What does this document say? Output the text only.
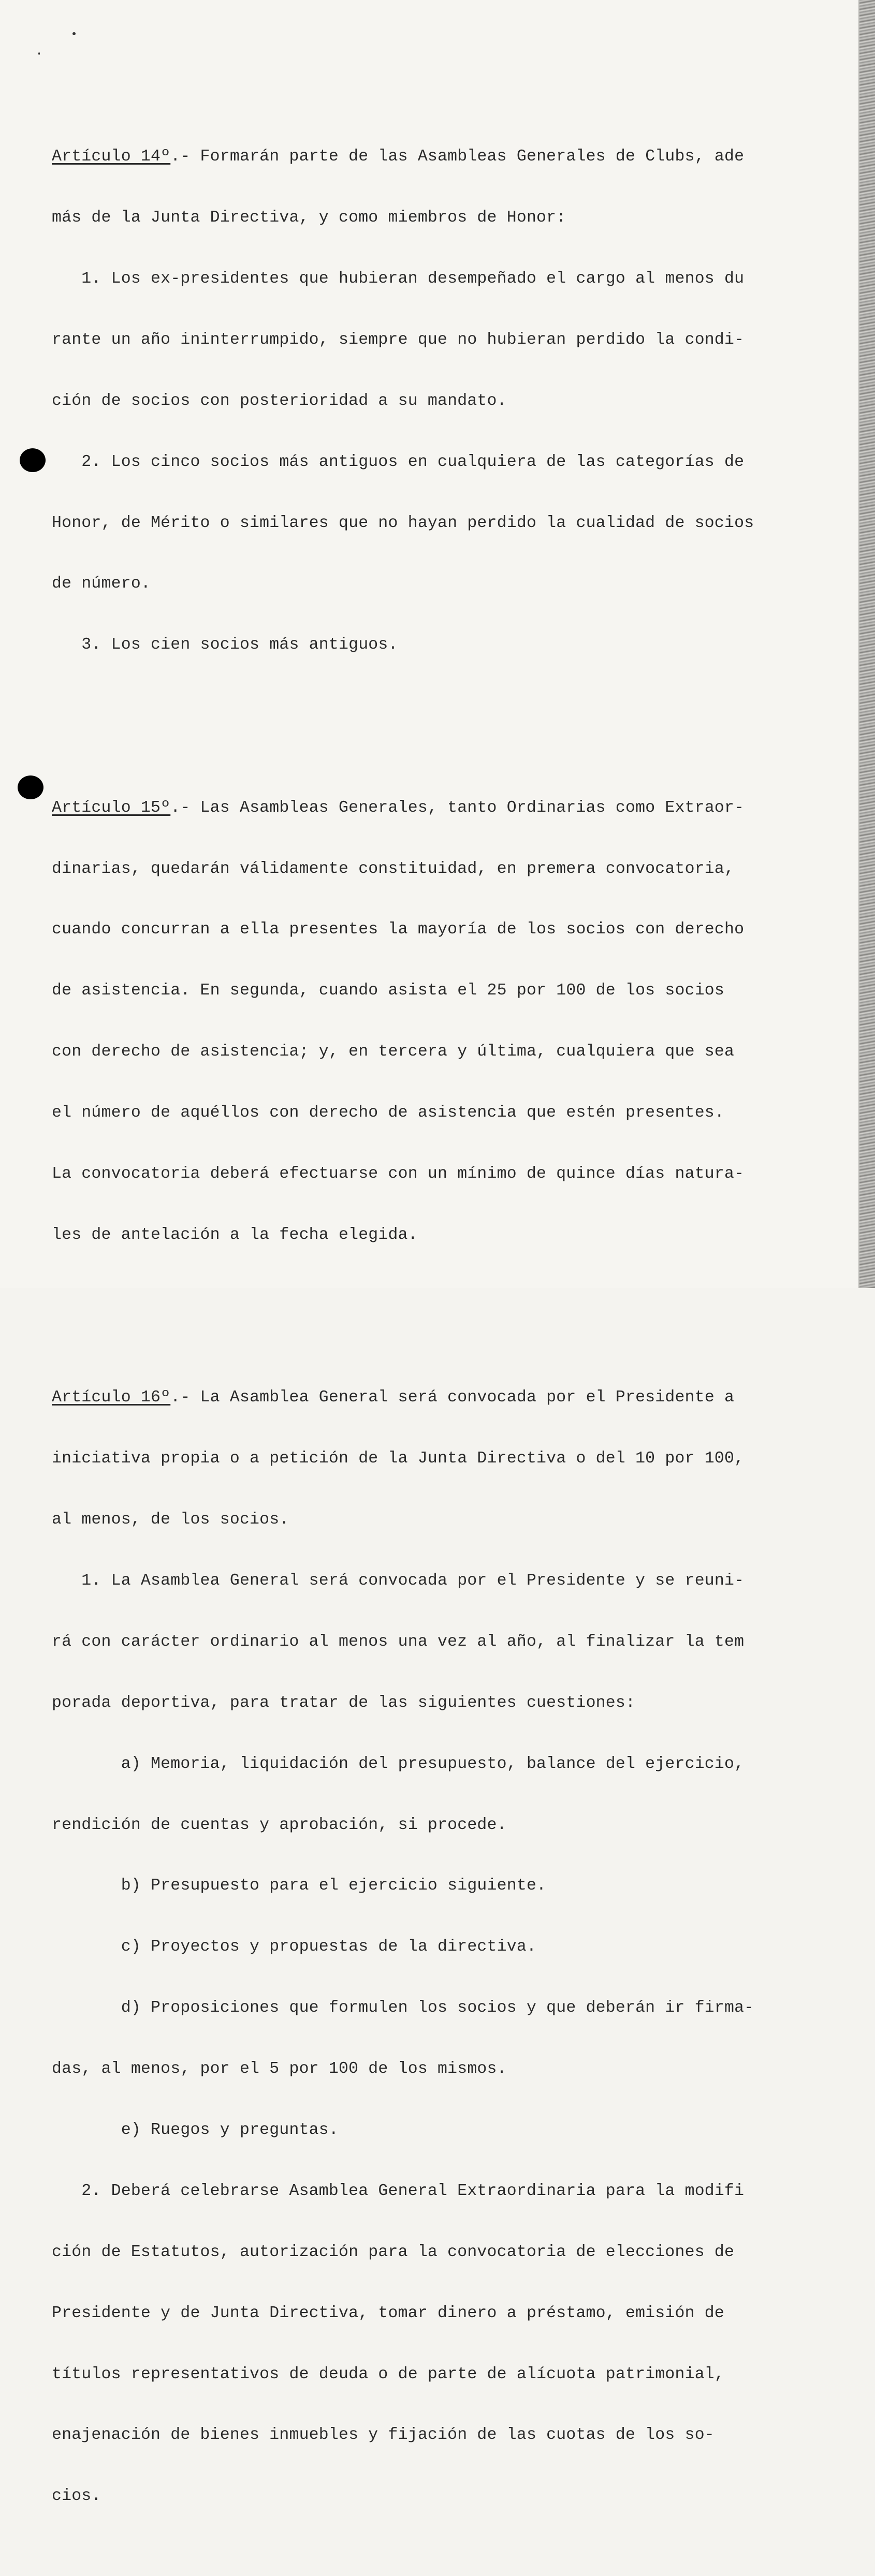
Artículo 14º.- Formarán parte de las Asambleas Generales de Clubs, ade

más de la Junta Directiva, y como miembros de Honor:

1. Los ex-presidentes que hubieran desempeñado el cargo al menos du

rante un año ininterrumpido, siempre que no hubieran perdido la condi-

ción de socios con posterioridad a su mandato.

2. Los cinco socios más antiguos en cualquiera de las categorías de

Honor, de Mérito o similares que no hayan perdido la cualidad de socios

de número.

3. Los cien socios más antiguos.

Artículo 15º.- Las Asambleas Generales, tanto Ordinarias como Extraor-

dinarias, quedarán válidamente constituidad, en premera convocatoria,

cuando concurran a ella presentes la mayoría de los socios con derecho

de asistencia. En segunda, cuando asista el 25 por 100 de los socios

con derecho de asistencia; y, en tercera y última, cualquiera que sea

el número de aquéllos con derecho de asistencia que estén presentes.

La convocatoria deberá efectuarse con un mínimo de quince días natura-

les de antelación a la fecha elegida.

Artículo 16º.- La Asamblea General será convocada por el Presidente a

iniciativa propia o a petición de la Junta Directiva o del 10 por 100,

al menos, de los socios.

1. La Asamblea General será convocada por el Presidente y se reuni-

rá con carácter ordinario al menos una vez al año, al finalizar la tem

porada deportiva, para tratar de las siguientes cuestiones:

a) Memoria, liquidación del presupuesto, balance del ejercicio,

rendición de cuentas y aprobación, si procede.

b) Presupuesto para el ejercicio siguiente.

c) Proyectos y propuestas de la directiva.

d) Proposiciones que formulen los socios y que deberán ir firma-

das, al menos, por el 5 por 100 de los mismos.

e) Ruegos y preguntas.

2. Deberá celebrarse Asamblea General Extraordinaria para la modifi

ción de Estatutos, autorización para la convocatoria de elecciones de

Presidente y de Junta Directiva, tomar dinero a préstamo, emisión de

títulos representativos de deuda o de parte de alícuota patrimonial,

enajenación de bienes inmuebles y fijación de las cuotas de los so-

cios.
